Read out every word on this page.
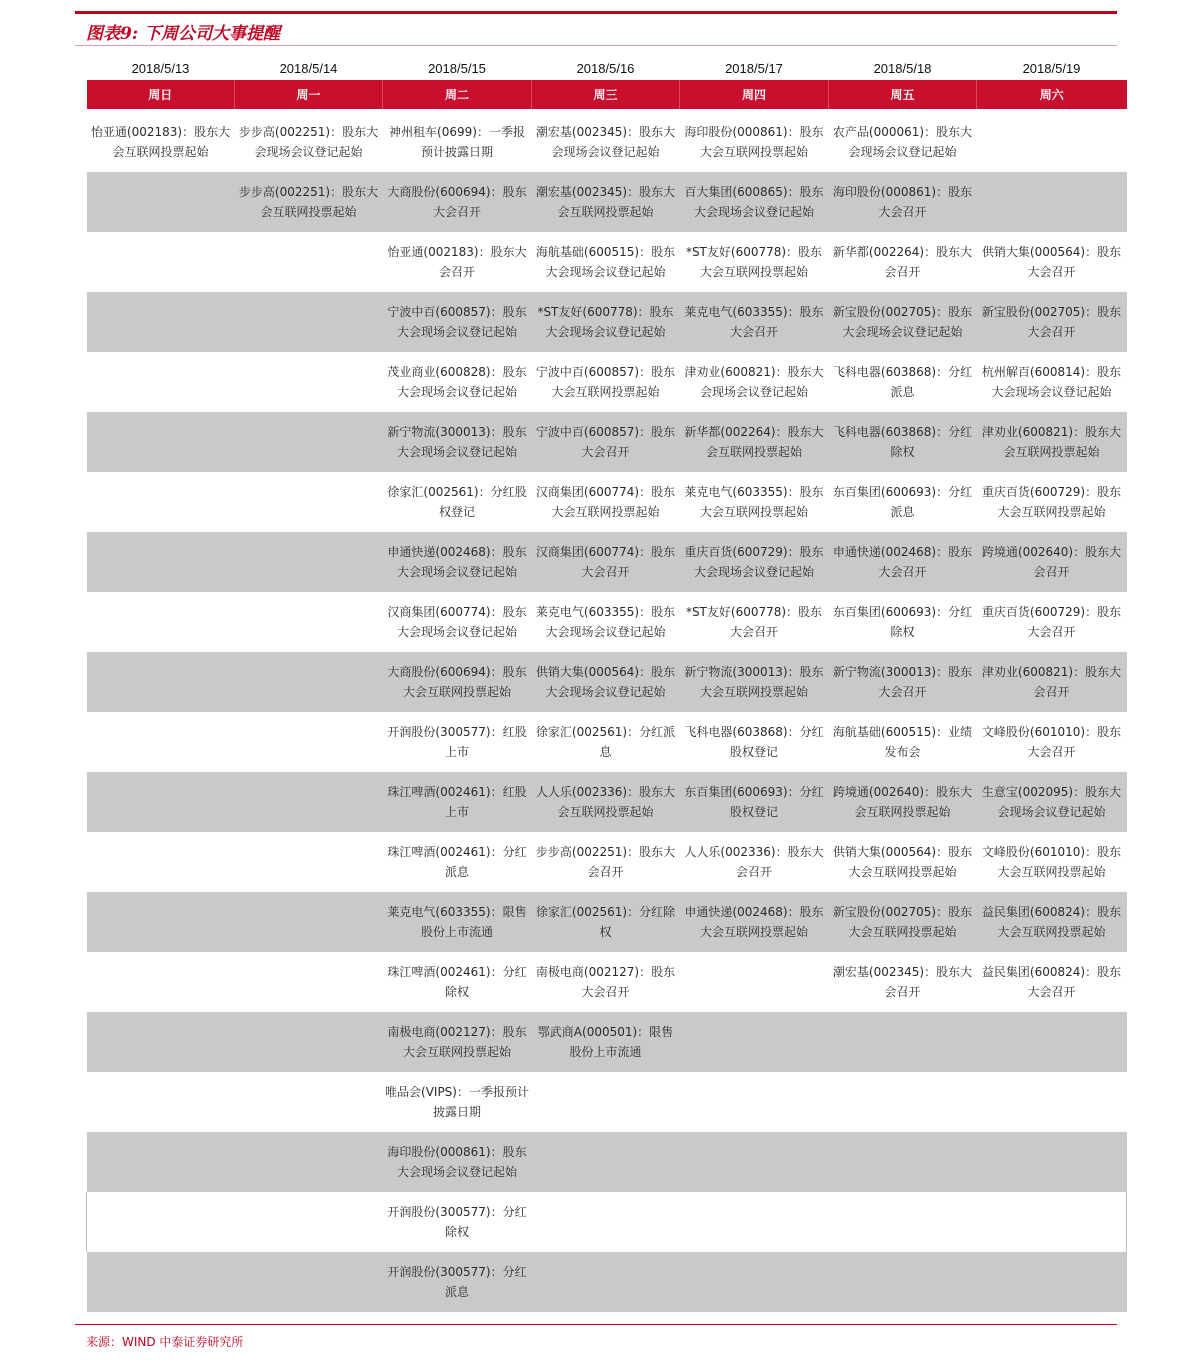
图表9: 下周公司大事提醒
2018/5/13	2018/5/14	2018/5/15	2018/5/16	2018/5/17	2018/5/18	2018/5/19
周日	周一	周二	周三	周四	周五	周六

怡亚通(002183)：股东大会互联网投票起始	步步高(002251)：股东大会现场会议登记起始	神州租车(0699)：一季报预计披露日期	潮宏基(002345)：股东大会现场会议登记起始	海印股份(000861)：股东大会互联网投票起始	农产品(000061)：股东大会现场会议登记起始	
	步步高(002251)：股东大会互联网投票起始	大商股份(600694)：股东大会召开	潮宏基(002345)：股东大会互联网投票起始	百大集团(600865)：股东大会现场会议登记起始	海印股份(000861)：股东大会召开	
		怡亚通(002183)：股东大会召开	海航基础(600515)：股东大会现场会议登记起始	*ST友好(600778)：股东大会互联网投票起始	新华都(002264)：股东大会召开	供销大集(000564)：股东大会召开
		宁波中百(600857)：股东大会现场会议登记起始	*ST友好(600778)：股东大会现场会议登记起始	莱克电气(603355)：股东大会召开	新宝股份(002705)：股东大会现场会议登记起始	新宝股份(002705)：股东大会召开
		茂业商业(600828)：股东大会现场会议登记起始	宁波中百(600857)：股东大会互联网投票起始	津劝业(600821)：股东大会现场会议登记起始	飞科电器(603868)：分红派息	杭州解百(600814)：股东大会现场会议登记起始
		新宁物流(300013)：股东大会现场会议登记起始	宁波中百(600857)：股东大会召开	新华都(002264)：股东大会互联网投票起始	飞科电器(603868)：分红除权	津劝业(600821)：股东大会互联网投票起始
		徐家汇(002561)：分红股权登记	汉商集团(600774)：股东大会互联网投票起始	莱克电气(603355)：股东大会互联网投票起始	东百集团(600693)：分红派息	重庆百货(600729)：股东大会互联网投票起始
		申通快递(002468)：股东大会现场会议登记起始	汉商集团(600774)：股东大会召开	重庆百货(600729)：股东大会现场会议登记起始	申通快递(002468)：股东大会召开	跨境通(002640)：股东大会召开
		汉商集团(600774)：股东大会现场会议登记起始	莱克电气(603355)：股东大会现场会议登记起始	*ST友好(600778)：股东大会召开	东百集团(600693)：分红除权	重庆百货(600729)：股东大会召开
		大商股份(600694)：股东大会互联网投票起始	供销大集(000564)：股东大会现场会议登记起始	新宁物流(300013)：股东大会互联网投票起始	新宁物流(300013)：股东大会召开	津劝业(600821)：股东大会召开
		开润股份(300577)：红股上市	徐家汇(002561)：分红派息	飞科电器(603868)：分红股权登记	海航基础(600515)：业绩发布会	文峰股份(601010)：股东大会召开
		珠江啤酒(002461)：红股上市	人人乐(002336)：股东大会互联网投票起始	东百集团(600693)：分红股权登记	跨境通(002640)：股东大会互联网投票起始	生意宝(002095)：股东大会现场会议登记起始
		珠江啤酒(002461)：分红派息	步步高(002251)：股东大会召开	人人乐(002336)：股东大会召开	供销大集(000564)：股东大会互联网投票起始	文峰股份(601010)：股东大会互联网投票起始
		莱克电气(603355)：限售股份上市流通	徐家汇(002561)：分红除权	申通快递(002468)：股东大会互联网投票起始	新宝股份(002705)：股东大会互联网投票起始	益民集团(600824)：股东大会互联网投票起始
		珠江啤酒(002461)：分红除权	南极电商(002127)：股东大会召开		潮宏基(002345)：股东大会召开	益民集团(600824)：股东大会召开
		南极电商(002127)：股东大会互联网投票起始	鄂武商A(000501)：限售股份上市流通			
		唯品会(VIPS)：一季报预计披露日期				
		海印股份(000861)：股东大会现场会议登记起始				
		开润股份(300577)：分红除权				
		开润股份(300577)：分红派息				
来源：WIND 中泰证券研究所
